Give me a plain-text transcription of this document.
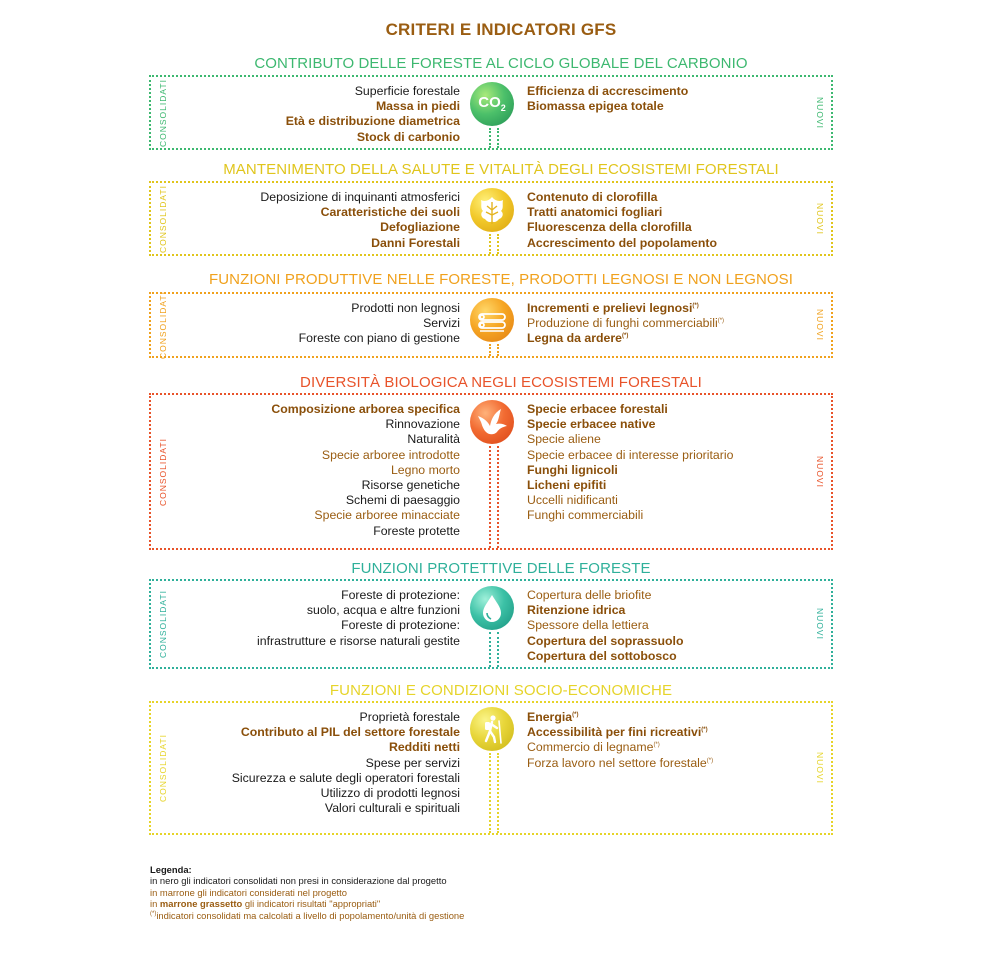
CRITERI E INDICATORI GFS
CONTRIBUTO DELLE FORESTE AL CICLO GLOBALE DEL CARBONIO
CONSOLIDATI	NUOVI
Superficie forestale
Massa in piedi
Età e distribuzione diametrica
Stock di carbonio
Efficienza di accrescimento
Biomassa epigea totale
$CO_2$
MANTENIMENTO DELLA SALUTE E VITALITÀ DEGLI ECOSISTEMI FORESTALI
CONSOLIDATI	NUOVI
Deposizione di inquinanti atmosferici
Caratteristiche dei suoli
Defogliazione
Danni Forestali
Contenuto di clorofilla
Tratti anatomici fogliari
Fluorescenza della clorofilla
Accrescimento del popolamento
FUNZIONI PRODUTTIVE NELLE FORESTE, PRODOTTI LEGNOSI E NON LEGNOSI
CONSOLIDATI	NUOVI
Prodotti non legnosi
Servizi
Foreste con piano di gestione
Incrementi e prelievi legnosi(*)
Produzione di funghi commerciabili(*)
Legna da ardere(*)
DIVERSITÀ BIOLOGICA NEGLI ECOSISTEMI FORESTALI
CONSOLIDATI	NUOVI
Composizione arborea specifica
Rinnovazione
Naturalità
Specie arboree introdotte
Legno morto
Risorse genetiche
Schemi di paesaggio
Specie arboree minacciate
Foreste protette
Specie erbacee forestali
Specie erbacee native
Specie aliene
Specie erbacee di interesse prioritario
Funghi lignicoli
Licheni epifiti
Uccelli nidificanti
Funghi commerciabili
FUNZIONI PROTETTIVE DELLE FORESTE
CONSOLIDATI	NUOVI
Foreste di protezione:
suolo, acqua e altre funzioni
Foreste di protezione:
infrastrutture e risorse naturali gestite
Copertura delle briofite
Ritenzione idrica
Spessore della lettiera
Copertura del soprassuolo
Copertura del sottobosco
FUNZIONI E CONDIZIONI SOCIO-ECONOMICHE
CONSOLIDATI	NUOVI
Proprietà forestale
Contributo al PIL del settore forestale
Redditi netti
Spese per servizi
Sicurezza e salute degli operatori forestali
Utilizzo di prodotti legnosi
Valori culturali e spirituali
Energia(*)
Accessibilità per fini ricreativi(*)
Commercio di legname(*)
Forza lavoro nel settore forestale(*)
Legenda:
in nero gli indicatori consolidati non presi in considerazione dal progetto
in marrone gli indicatori considerati nel progetto
in marrone grassetto gli indicatori risultati "appropriati"
(*)indicatori consolidati ma calcolati a livello di popolamento/unità di gestione
